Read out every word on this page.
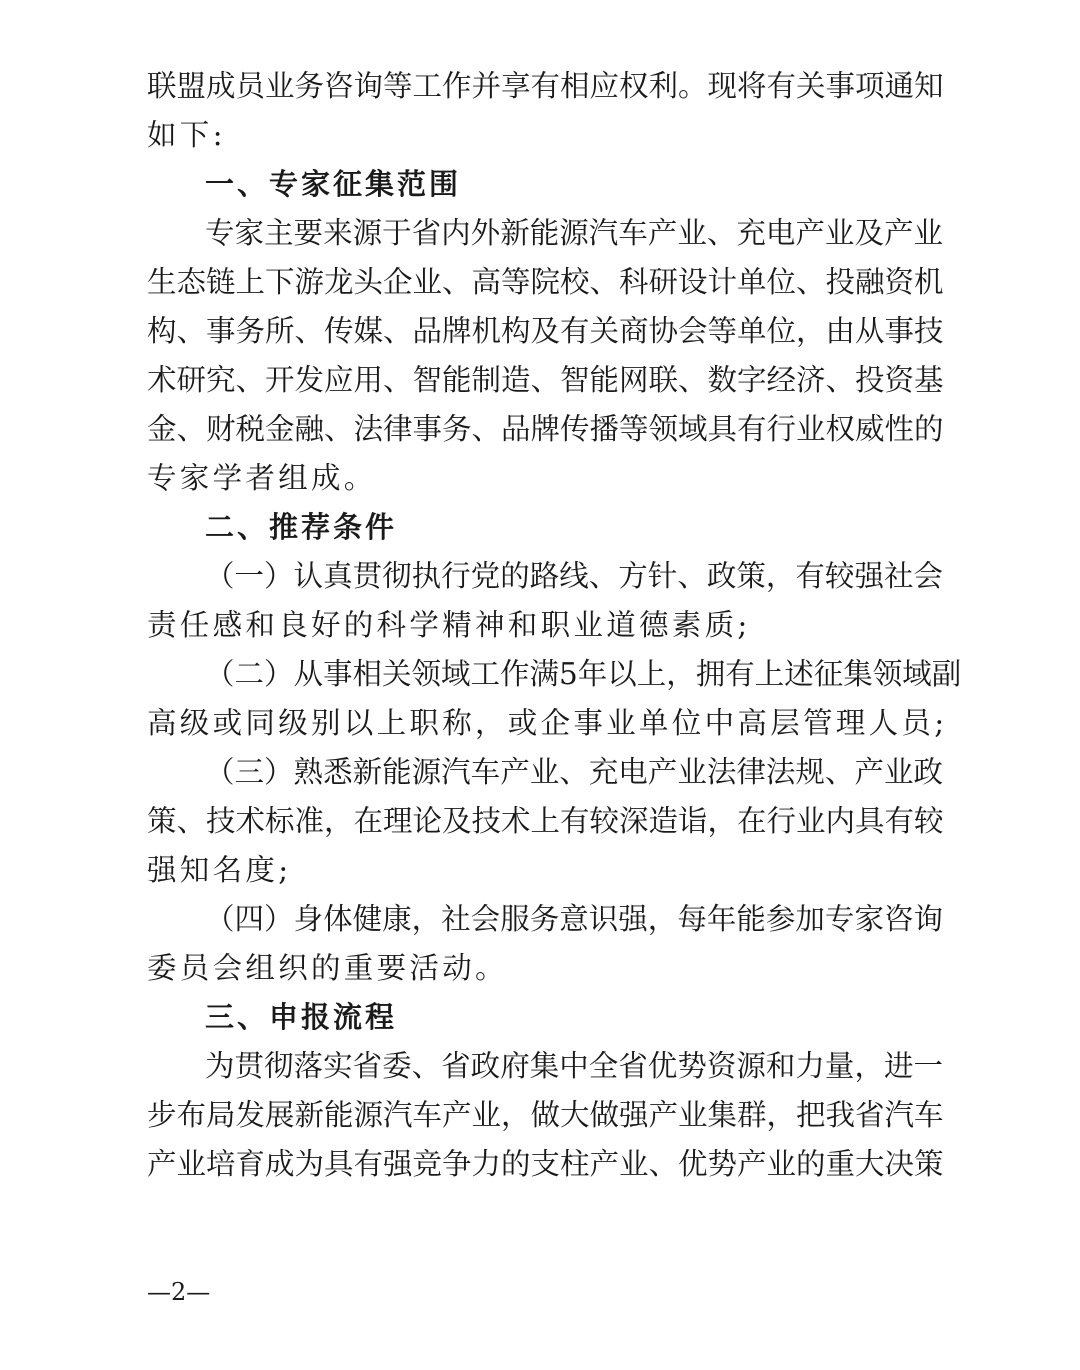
联盟成员业务咨询等工作并享有相应权利。现将有关事项通知
如下:
一、专家征集范围
专家主要来源于省内外新能源汽车产业、充电产业及产业
生态链上下游龙头企业、高等院校、科研设计单位、投融资机
构、事务所、传媒、品牌机构及有关商协会等单位，由从事技
术研究、开发应用、智能制造、智能网联、数字经济、投资基
金、财税金融、法律事务、品牌传播等领域具有行业权威性的
专家学者组成。
二、推荐条件
（一）认真贯彻执行党的路线、方针、政策，有较强社会
责任感和良好的科学精神和职业道德素质;
（二）从事相关领域工作满5年以上，拥有上述征集领域副
高级或同级别以上职称，或企事业单位中高层管理人员;
（三）熟悉新能源汽车产业、充电产业法律法规、产业政
策、技术标准，在理论及技术上有较深造诣，在行业内具有较
强知名度;
（四）身体健康，社会服务意识强，每年能参加专家咨询
委员会组织的重要活动。
三、申报流程
为贯彻落实省委、省政府集中全省优势资源和力量，进一
步布局发展新能源汽车产业，做大做强产业集群，把我省汽车
产业培育成为具有强竞争力的支柱产业、优势产业的重大决策
—2—
